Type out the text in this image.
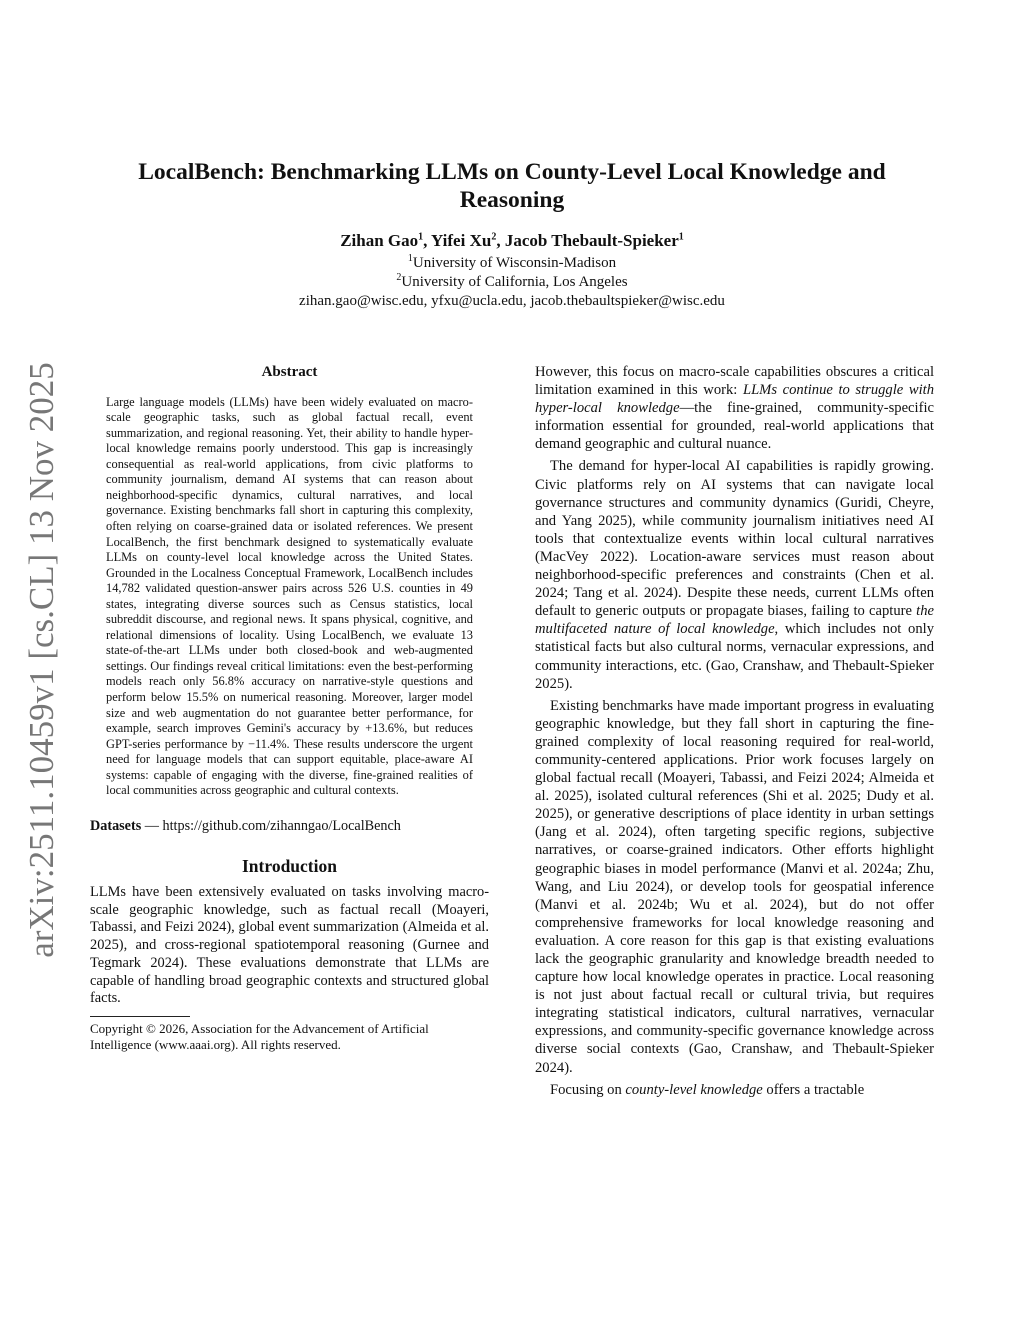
arXiv:2511.10459v1 [cs.CL] 13 Nov 2025
LocalBench: Benchmarking LLMs on County-Level Local Knowledge and Reasoning
Zihan Gao$^1$, Yifei Xu$^2$, Jacob Thebault-Spieker$^1$
$^1$University of Wisconsin-Madison
$^2$University of California, Los Angeles
zihan.gao@wisc.edu, yfxu@ucla.edu, jacob.thebaultspieker@wisc.edu
Abstract

Large language models (LLMs) have been widely evaluated on macro-scale geographic tasks, such as global factual recall, event summarization, and regional reasoning. Yet, their ability to handle hyper-local knowledge remains poorly understood. This gap is increasingly consequential as real-world applications, from civic platforms to community journalism, demand AI systems that can reason about neighborhood-specific dynamics, cultural narratives, and local governance. Existing benchmarks fall short in capturing this complexity, often relying on coarse-grained data or isolated references. We present LocalBench, the first benchmark designed to systematically evaluate LLMs on county-level local knowledge across the United States. Grounded in the Localness Conceptual Framework, LocalBench includes 14,782 validated question-answer pairs across 526 U.S. counties in 49 states, integrating diverse sources such as Census statistics, local subreddit discourse, and regional news. It spans physical, cognitive, and relational dimensions of locality. Using LocalBench, we evaluate 13 state-of-the-art LLMs under both closed-book and web-augmented settings. Our findings reveal critical limitations: even the best-performing models reach only 56.8% accuracy on narrative-style questions and perform below 15.5% on numerical reasoning. Moreover, larger model size and web augmentation do not guarantee better performance, for example, search improves Gemini's accuracy by +13.6%, but reduces GPT-series performance by −11.4%. These results underscore the urgent need for language models that can support equitable, place-aware AI systems: capable of engaging with the diverse, fine-grained realities of local communities across geographic and cultural contexts.

Datasets — https://github.com/zihanngao/LocalBench
Introduction

LLMs have been extensively evaluated on tasks involving macro-scale geographic knowledge, such as factual recall (Moayeri, Tabassi, and Feizi 2024), global event summarization (Almeida et al. 2025), and cross-regional spatiotemporal reasoning (Gurnee and Tegmark 2024). These evaluations demonstrate that LLMs are capable of handling broad geographic contexts and structured global facts.

Copyright © 2026, Association for the Advancement of Artificial Intelligence (www.aaai.org). All rights reserved.

However, this focus on macro-scale capabilities obscures a critical limitation examined in this work: LLMs continue to struggle with hyper-local knowledge—the fine-grained, community-specific information essential for grounded, real-world applications that demand geographic and cultural nuance.

The demand for hyper-local AI capabilities is rapidly growing. Civic platforms rely on AI systems that can navigate local governance structures and community dynamics (Guridi, Cheyre, and Yang 2025), while community journalism initiatives need AI tools that contextualize events within local cultural narratives (MacVey 2022). Location-aware services must reason about neighborhood-specific preferences and constraints (Chen et al. 2024; Tang et al. 2024). Despite these needs, current LLMs often default to generic outputs or propagate biases, failing to capture the multifaceted nature of local knowledge, which includes not only statistical facts but also cultural norms, vernacular expressions, and community interactions, etc. (Gao, Cranshaw, and Thebault-Spieker 2025).

Existing benchmarks have made important progress in evaluating geographic knowledge, but they fall short in capturing the fine-grained complexity of local reasoning required for real-world, community-centered applications. Prior work focuses largely on global factual recall (Moayeri, Tabassi, and Feizi 2024; Almeida et al. 2025), isolated cultural references (Shi et al. 2025; Dudy et al. 2025), or generative descriptions of place identity in urban settings (Jang et al. 2024), often targeting specific regions, subjective narratives, or coarse-grained indicators. Other efforts highlight geographic biases in model performance (Manvi et al. 2024a; Zhu, Wang, and Liu 2024), or develop tools for geospatial inference (Manvi et al. 2024b; Wu et al. 2024), but do not offer comprehensive frameworks for local knowledge reasoning and evaluation. A core reason for this gap is that existing evaluations lack the geographic granularity and knowledge breadth needed to capture how local knowledge operates in practice. Local reasoning is not just about factual recall or cultural trivia, but requires integrating statistical indicators, cultural narratives, vernacular expressions, and community-specific governance knowledge across diverse social contexts (Gao, Cranshaw, and Thebault-Spieker 2024).

Focusing on county-level knowledge offers a tractable
